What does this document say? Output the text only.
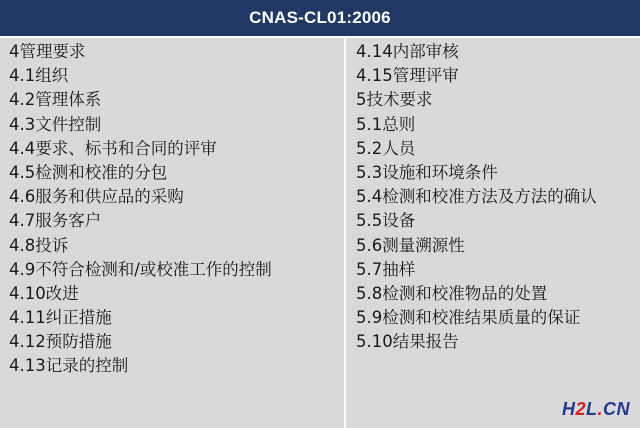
CNAS-CL01:2006
4管理要求
4.1组织
4.2管理体系
4.3文件控制
4.4要求、标书和合同的评审
4.5检测和校准的分包
4.6服务和供应品的采购
4.7服务客户
4.8投诉
4.9不符合检测和/或校准工作的控制
4.10改进
4.11纠正措施
4.12预防措施
4.13记录的控制
4.14内部审核
4.15管理评审
5技术要求
5.1总则
5.2人员
5.3设施和环境条件
5.4检测和校准方法及方法的确认
5.5设备
5.6测量溯源性
5.7抽样
5.8检测和校准物品的处置
5.9检测和校准结果质量的保证
5.10结果报告
H2L.CN
